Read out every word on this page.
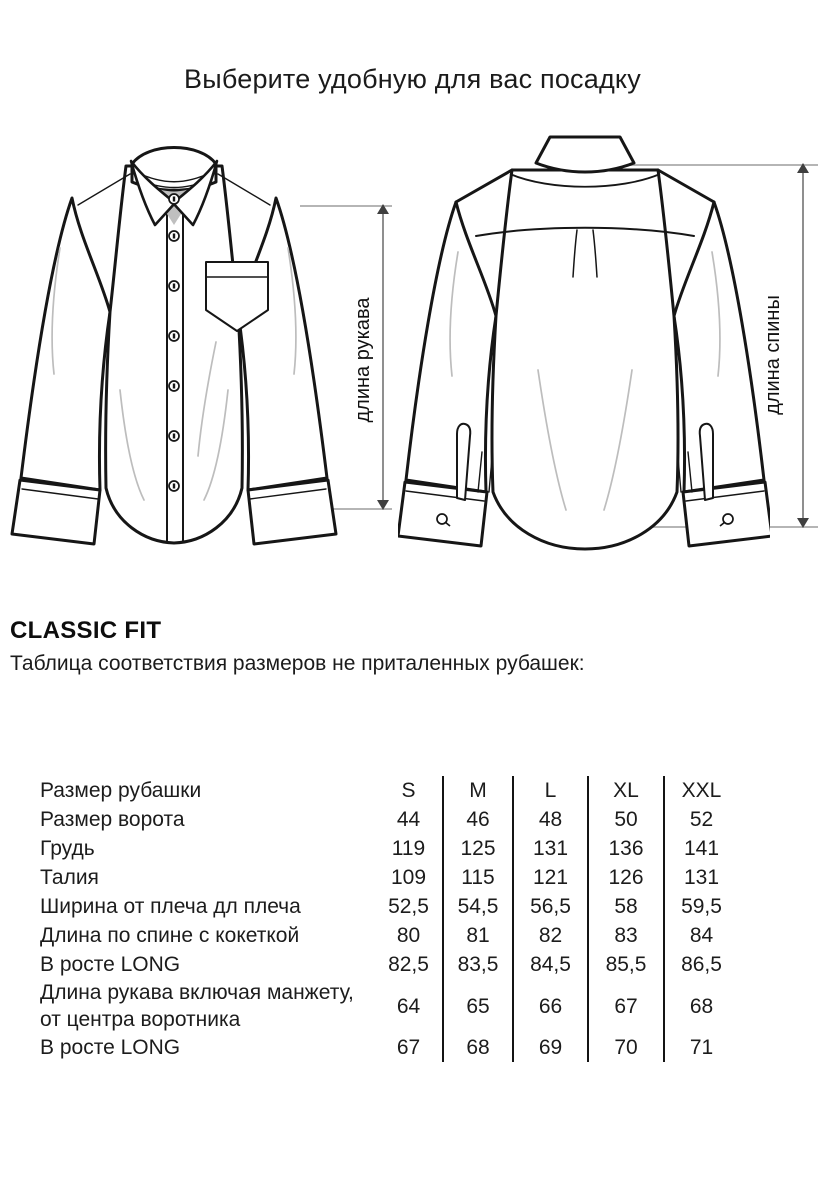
Выберите удобную для вас посадку
длина рукава	длина спины
CLASSIC FIT
Таблица соответствия размеров не приталенных рубашек:
Размер рубашки	S	M	L	XL	XXL
Размер ворота	44	46	48	50	52
Грудь	119	125	131	136	141
Талия	109	115	121	126	131
Ширина от плеча дл плеча	52,5	54,5	56,5	58	59,5
Длина по спине с кокеткой	80	81	82	83	84
В росте LONG	82,5	83,5	84,5	85,5	86,5
Длина рукава включая манжету, от центра воротника	64	65	66	67	68
В росте LONG	67	68	69	70	71
